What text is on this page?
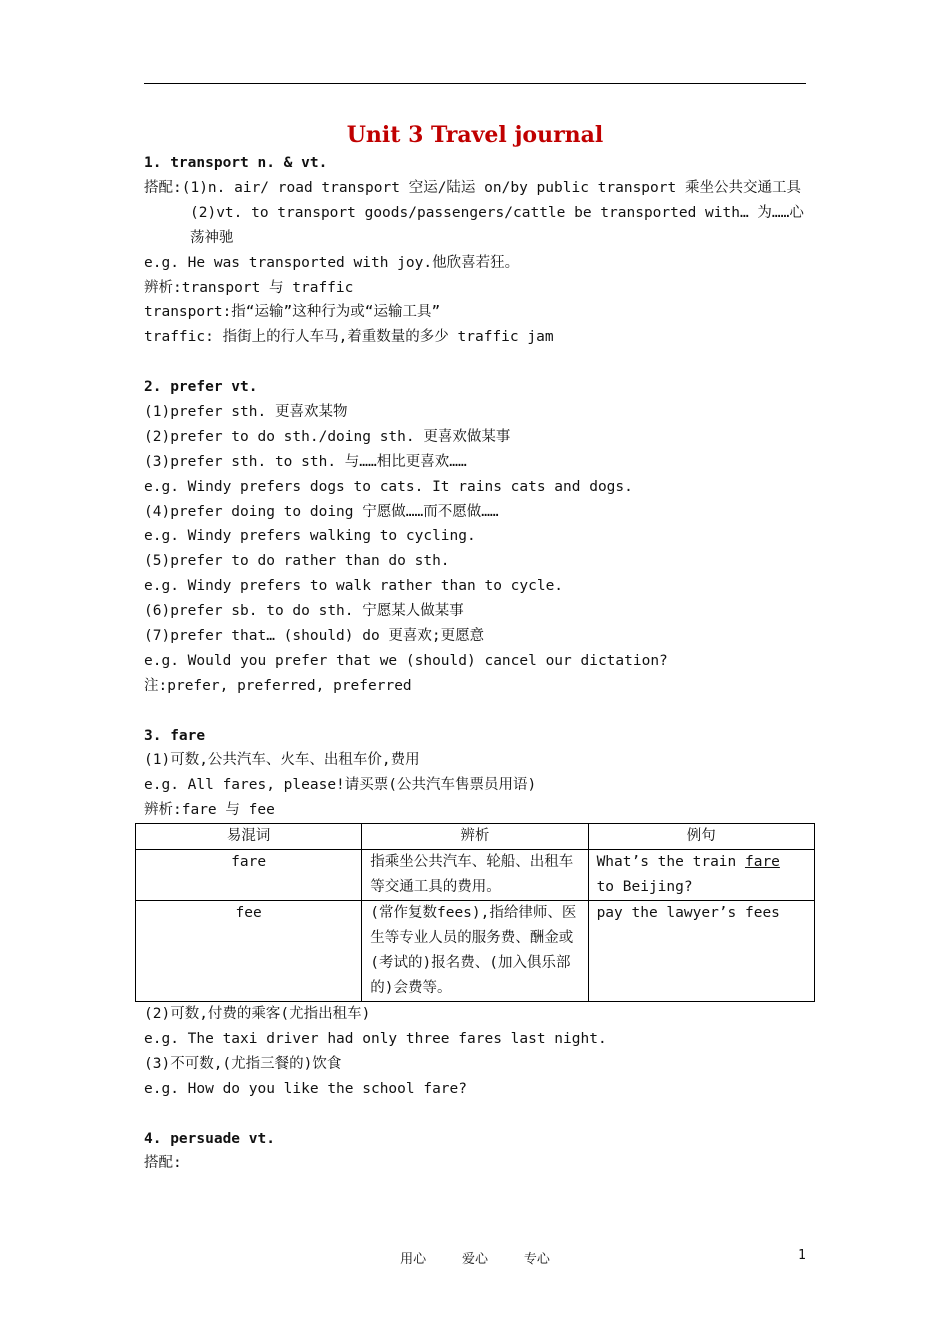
Unit 3 Travel journal
1. transport n. & vt.
搭配:(1)n. air/ road transport 空运/陆运 on/by public transport 乘坐公共交通工具
(2)vt. to transport goods/passengers/cattle be transported with… 为……心荡神驰
e.g. He was transported with joy.他欣喜若狂。
辨析:transport 与 traffic
transport:指“运输”这种行为或“运输工具”
traffic: 指街上的行人车马,着重数量的多少 traffic jam
2. prefer vt.
(1)prefer sth. 更喜欢某物
(2)prefer to do sth./doing sth. 更喜欢做某事
(3)prefer sth. to sth. 与……相比更喜欢……
e.g. Windy prefers dogs to cats. It rains cats and dogs.
(4)prefer doing to doing 宁愿做……而不愿做……
e.g. Windy prefers walking to cycling.
(5)prefer to do rather than do sth.
e.g. Windy prefers to walk rather than to cycle.
(6)prefer sb. to do sth. 宁愿某人做某事
(7)prefer that… (should) do 更喜欢;更愿意
e.g. Would you prefer that we (should) cancel our dictation?
注:prefer, preferred, preferred
3. fare
(1)可数,公共汽车、火车、出租车价,费用
e.g. All fares, please!请买票(公共汽车售票员用语)
辨析:fare 与 fee
易混词	辨析	例句
fare	指乘坐公共汽车、轮船、出租车等交通工具的费用。	What’s the train fare to Beijing?
fee	(常作复数fees),指给律师、医生等专业人员的服务费、酬金或(考试的)报名费、(加入俱乐部的)会费等。	pay the lawyer’s fees
(2)可数,付费的乘客(尤指出租车)
e.g. The taxi driver had only three fares last night.
(3)不可数,(尤指三餐的)饮食
e.g. How do you like the school fare?
4. persuade vt.
搭配:
用心	爱心	专心	1
